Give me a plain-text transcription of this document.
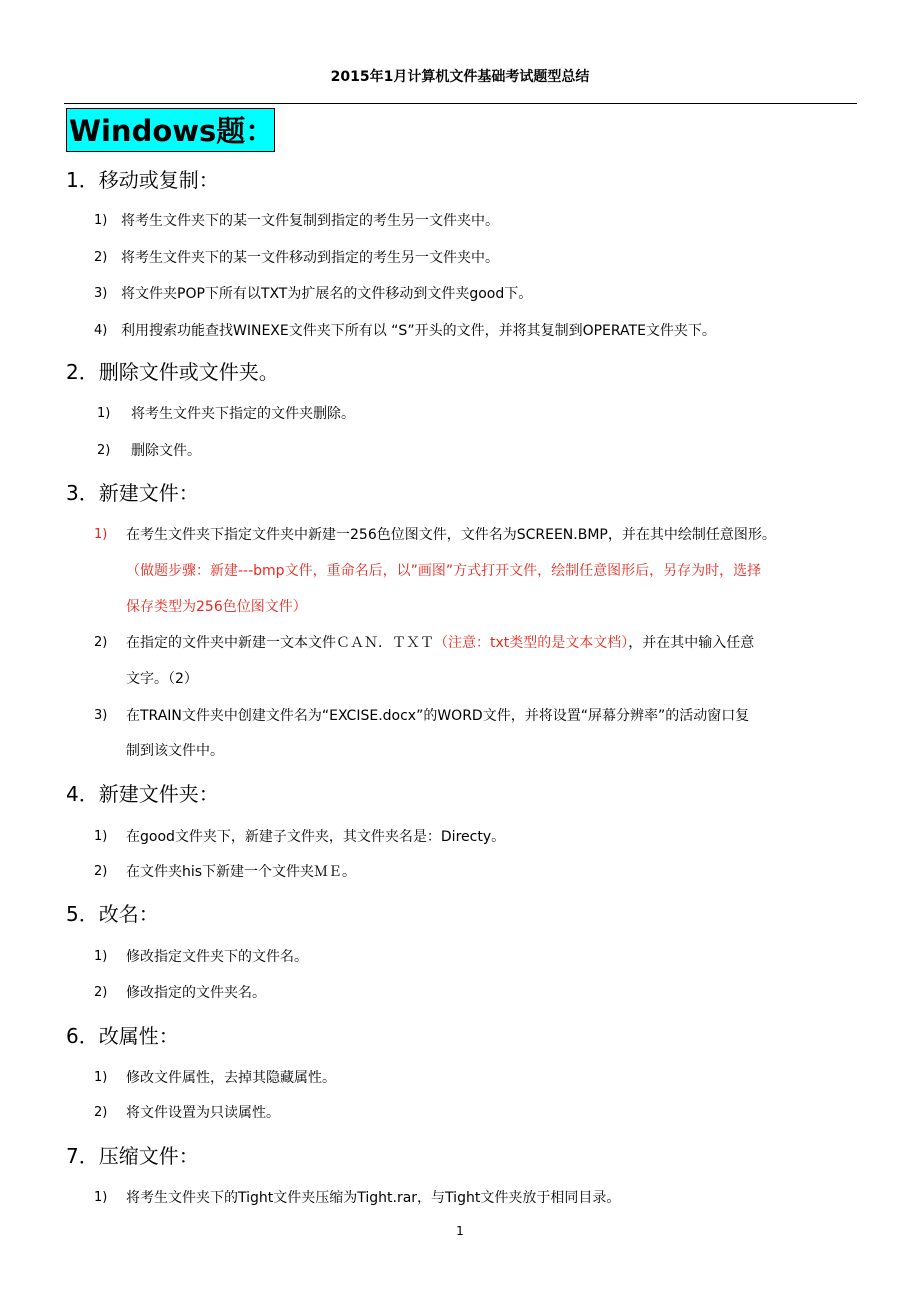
2015年1月计算机文件基础考试题型总结
Windows题：
1．移动或复制：
1) 将考生文件夹下的某一文件复制到指定的考生另一文件夹中。
2) 将考生文件夹下的某一文件移动到指定的考生另一文件夹中。
3) 将文件夹POP下所有以TXT为扩展名的文件移动到文件夹good下。
4) 利用搜索功能查找WINEXE文件夹下所有以 “S”开头的文件，并将其复制到OPERATE文件夹下。
2．删除文件或文件夹。
1) 将考生文件夹下指定的文件夹删除。
2) 删除文件。
3．新建文件：
1) 在考生文件夹下指定文件夹中新建一256色位图文件，文件名为SCREEN.BMP，并在其中绘制任意图形。
（做题步骤：新建---bmp文件，重命名后，以”画图”方式打开文件，绘制任意图形后，另存为时，选择
保存类型为256色位图文件）
2) 在指定的文件夹中新建一文本文件ＣＡＮ．ＴＸＴ（注意：txt类型的是文本文档），并在其中输入任意
文字。（2）
3) 在TRAIN文件夹中创建文件名为“EXCISE.docx”的WORD文件，并将设置“屏幕分辨率”的活动窗口复
制到该文件中。
4．新建文件夹：
1) 在good文件夹下，新建子文件夹，其文件夹名是：Directy。
2) 在文件夹his下新建一个文件夹ＭＥ。
5．改名：
1) 修改指定文件夹下的文件名。
2) 修改指定的文件夹名。
6．改属性：
1) 修改文件属性，去掉其隐藏属性。
2) 将文件设置为只读属性。
7．压缩文件：
1) 将考生文件夹下的Tight文件夹压缩为Tight.rar，与Tight文件夹放于相同目录。
1
